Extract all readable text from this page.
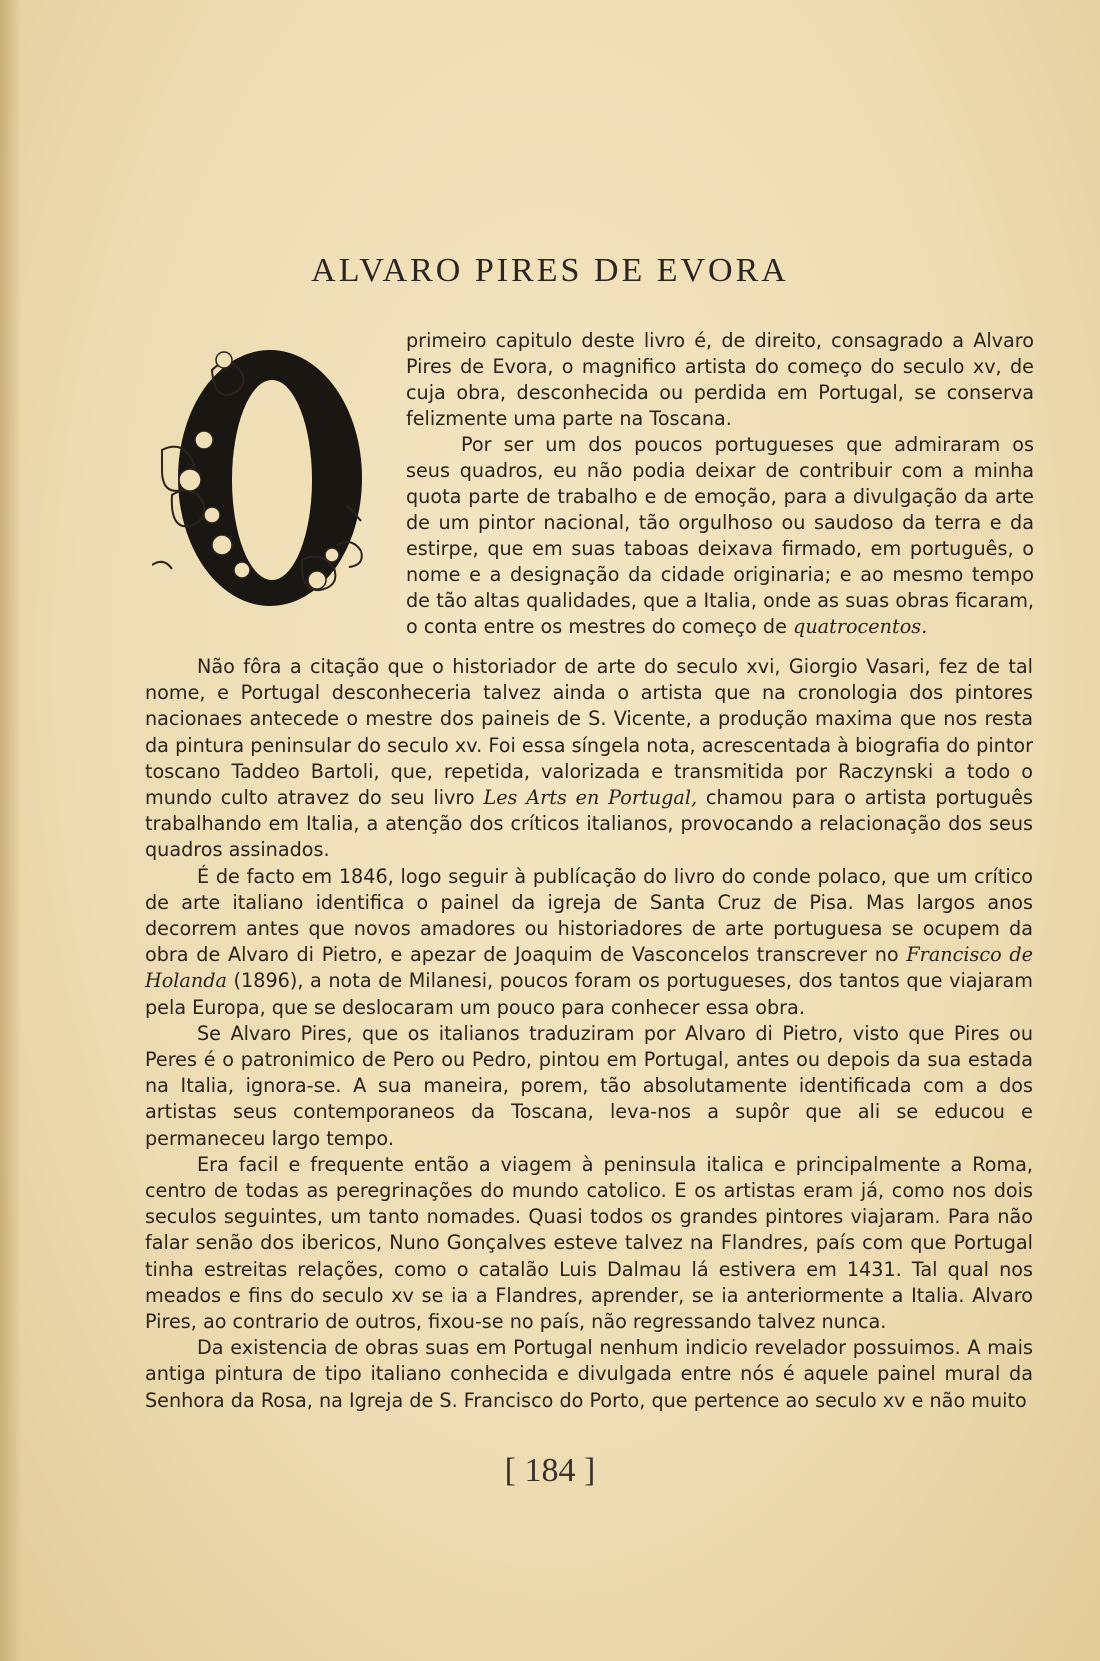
ALVARO PIRES DE EVORA

primeiro capitulo deste livro é, de direito, consagrado a Alvaro Pires de Evora, o magnifico artista do começo do seculo xv, de cuja obra, desconhecida ou perdida em Portugal, se conserva felizmente uma parte na Toscana.

Por ser um dos poucos portugueses que admiraram os seus quadros, eu não podia deixar de contribuir com a minha quota parte de trabalho e de emoção, para a divulgação da arte de um pintor nacional, tão orgulhoso ou saudoso da terra e da estirpe, que em suas taboas deixava firmado, em português, o nome e a designação da cidade originaria; e ao mesmo tempo de tão altas qualidades, que a Italia, onde as suas obras ficaram, o conta entre os mestres do começo de quatrocentos.

Não fôra a citação que o historiador de arte do seculo xvi, Giorgio Vasari, fez de tal nome, e Portugal desconheceria talvez ainda o artista que na cronologia dos pintores nacionaes antecede o mestre dos paineis de S. Vicente, a produção maxima que nos resta da pintura peninsular do seculo xv. Foi essa síngela nota, acrescentada à biografia do pintor toscano Taddeo Bartoli, que, repetida, valorizada e transmitida por Raczynski a todo o mundo culto atravez do seu livro Les Arts en Portugal, chamou para o artista português trabalhando em Italia, a atenção dos críticos italianos, provocando a relacionação dos seus quadros assinados.

É de facto em 1846, logo seguir à publícação do livro do conde polaco, que um crítico de arte italiano identifica o painel da igreja de Santa Cruz de Pisa. Mas largos anos decorrem antes que novos amadores ou historiadores de arte portuguesa se ocupem da obra de Alvaro di Pietro, e apezar de Joaquim de Vasconcelos transcrever no Francisco de Holanda (1896), a nota de Milanesi, poucos foram os portugueses, dos tantos que viajaram pela Europa, que se deslocaram um pouco para conhecer essa obra.

Se Alvaro Pires, que os italianos traduziram por Alvaro di Pietro, visto que Pires ou Peres é o patronimico de Pero ou Pedro, pintou em Portugal, antes ou depois da sua estada na Italia, ignora-se. A sua maneira, porem, tão absolutamente identificada com a dos artistas seus contemporaneos da Toscana, leva-nos a supôr que ali se educou e permaneceu largo tempo.

Era facil e frequente então a viagem à peninsula italica e principalmente a Roma, centro de todas as peregrinações do mundo catolico. E os artistas eram já, como nos dois seculos seguintes, um tanto nomades. Quasi todos os grandes pintores viajaram. Para não falar senão dos ibericos, Nuno Gonçalves esteve talvez na Flandres, país com que Portugal tinha estreitas relações, como o catalão Luis Dalmau lá estivera em 1431. Tal qual nos meados e fins do seculo xv se ia a Flandres, aprender, se ia anteriormente a Italia. Alvaro Pires, ao contrario de outros, fixou-se no país, não regressando talvez nunca.

Da existencia de obras suas em Portugal nenhum indicio revelador possuimos. A mais antiga pintura de tipo italiano conhecida e divulgada entre nós é aquele painel mural da Senhora da Rosa, na Igreja de S. Francisco do Porto, que pertence ao seculo xv e não muito

[ 184 ]
